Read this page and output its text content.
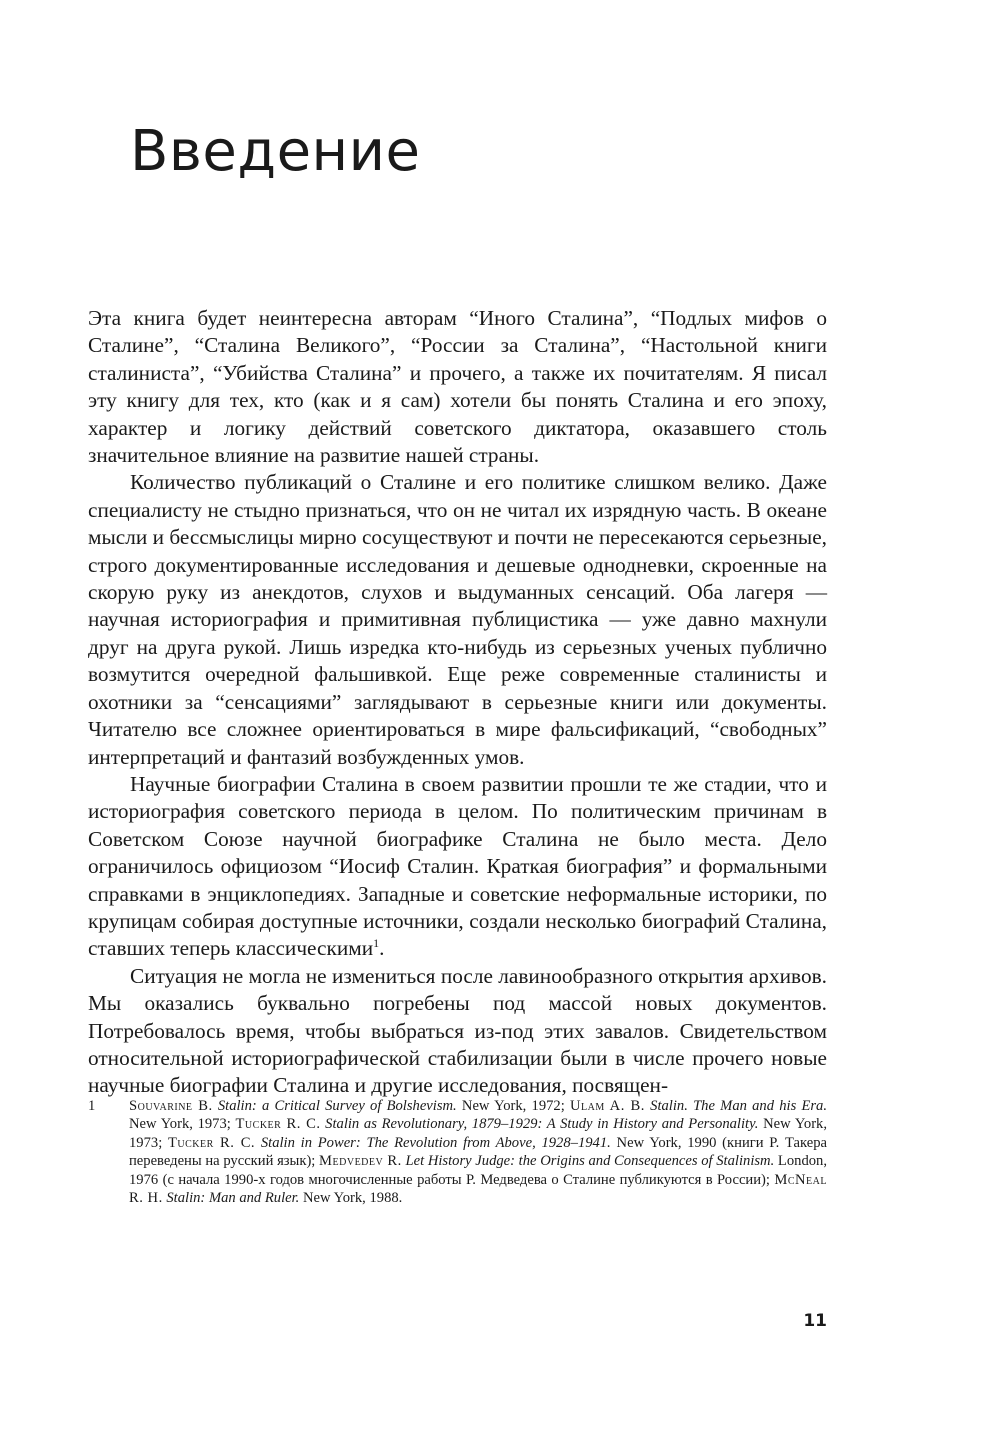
Введение

Эта книга будет неинтересна авторам “Иного Сталина”, “Подлых мифов о Сталине”, “Сталина Великого”, “России за Сталина”, “Настольной книги сталиниста”, “Убийства Сталина” и прочего, а также их почитателям. Я писал эту книгу для тех, кто (как и я сам) хотели бы понять Сталина и его эпоху, характер и логику действий советского диктатора, оказавшего столь значительное влияние на развитие нашей страны.

Количество публикаций о Сталине и его политике слишком велико. Даже специалисту не стыдно признаться, что он не читал их изрядную часть. В океане мысли и бессмыслицы мирно сосуществуют и почти не пересекаются серьезные, строго документированные исследования и дешевые однодневки, скроенные на скорую руку из анекдотов, слухов и выдуманных сенсаций. Оба лагеря — научная историография и примитивная публицистика — уже давно махнули друг на друга рукой. Лишь изредка кто-нибудь из серьезных ученых публично возмутится очередной фальшивкой. Еще реже современные сталинисты и охотники за “сенсациями” заглядывают в серьезные книги или документы. Читателю все сложнее ориентироваться в мире фальсификаций, “свободных” интерпретаций и фантазий возбужденных умов.

Научные биографии Сталина в своем развитии прошли те же стадии, что и историография советского периода в целом. По политическим причинам в Советском Союзе научной биографике Сталина не было места. Дело ограничилось официозом “Иосиф Сталин. Краткая биография” и формальными справками в энциклопедиях. Западные и советские неформальные историки, по крупицам собирая доступные источники, создали несколько биографий Сталина, ставших теперь классическими$^1$.

Ситуация не могла не измениться после лавинообразного открытия архивов. Мы оказались буквально погребены под массой новых документов. Потребовалось время, чтобы выбраться из-под этих завалов. Свидетельством относительной историографической стабилизации были в числе прочего новые научные биографии Сталина и другие исследования, посвящен-

1	Souvarine B. Stalin: a Critical Survey of Bolshevism. New York, 1972; Ulam A. B. Stalin. The Man and his Era. New York, 1973; Tucker R. C. Stalin as Revolutionary, 1879–1929: A Study in History and Personality. New York, 1973; Tucker R. C. Stalin in Power: The Revolution from Above, 1928–1941. New York, 1990 (книги Р. Такера переведены на русский язык); Medvedev R. Let History Judge: the Origins and Consequences of Stalinism. London, 1976 (с начала 1990-х годов многочисленные работы Р. Медведева о Сталине публикуются в России); McNeal R. H. Stalin: Man and Ruler. New York, 1988.
11
